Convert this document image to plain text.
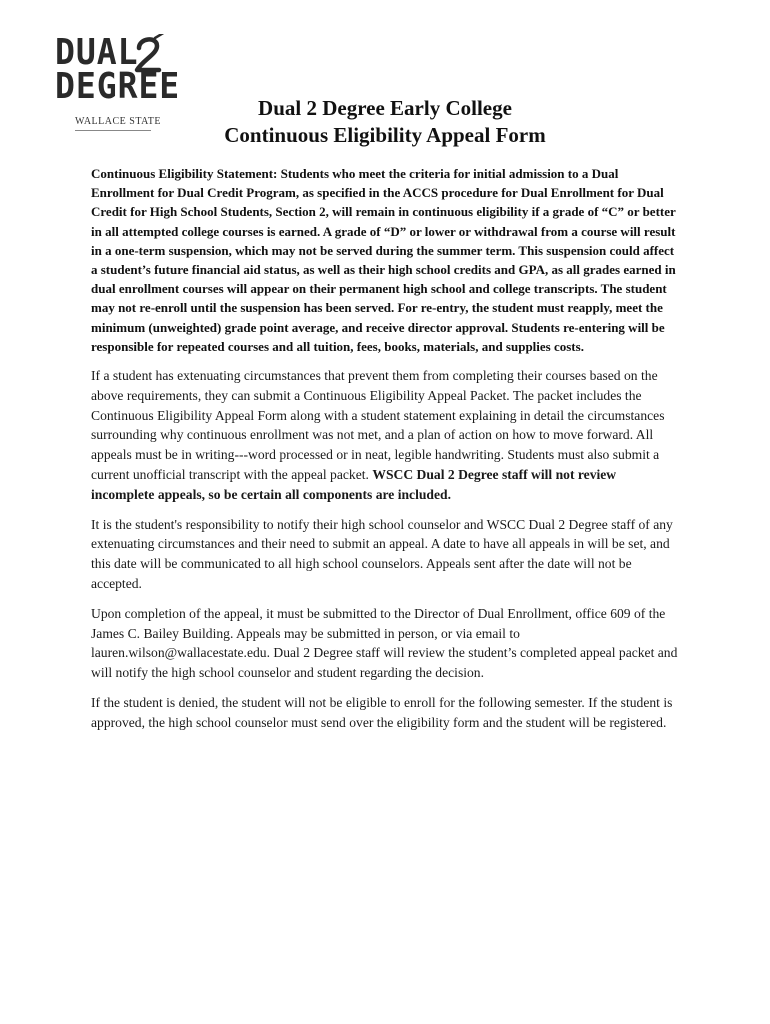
DUAL
DEGREE
WALLACE STATE
Dual 2 Degree Early College
Continuous Eligibility Appeal Form

Continuous Eligibility Statement: Students who meet the criteria for initial admission to a Dual Enrollment for Dual Credit Program, as specified in the ACCS procedure for Dual Enrollment for Dual Credit for High School Students, Section 2, will remain in continuous eligibility if a grade of “C” or better in all attempted college courses is earned. A grade of “D” or lower or withdrawal from a course will result in a one-term suspension, which may not be served during the summer term. This suspension could affect a student’s future financial aid status, as well as their high school credits and GPA, as all grades earned in dual enrollment courses will appear on their permanent high school and college transcripts. The student may not re-enroll until the suspension has been served. For re-entry, the student must reapply, meet the minimum (unweighted) grade point average, and receive director approval. Students re-entering will be responsible for repeated courses and all tuition, fees, books, materials, and supplies costs.

If a student has extenuating circumstances that prevent them from completing their courses based on the above requirements, they can submit a Continuous Eligibility Appeal Packet. The packet includes the Continuous Eligibility Appeal Form along with a student statement explaining in detail the circumstances surrounding why continuous enrollment was not met, and a plan of action on how to move forward. All appeals must be in writing---word processed or in neat, legible handwriting. Students must also submit a current unofficial transcript with the appeal packet. WSCC Dual 2 Degree staff will not review incomplete appeals, so be certain all components are included.

It is the student's responsibility to notify their high school counselor and WSCC Dual 2 Degree staff of any extenuating circumstances and their need to submit an appeal. A date to have all appeals in will be set, and this date will be communicated to all high school counselors. Appeals sent after the date will not be accepted.

Upon completion of the appeal, it must be submitted to the Director of Dual Enrollment, office 609 of the James C. Bailey Building. Appeals may be submitted in person, or via email to lauren.wilson@wallacestate.edu. Dual 2 Degree staff will review the student’s completed appeal packet and will notify the high school counselor and student regarding the decision.

If the student is denied, the student will not be eligible to enroll for the following semester. If the student is approved, the high school counselor must send over the eligibility form and the student will be registered.
